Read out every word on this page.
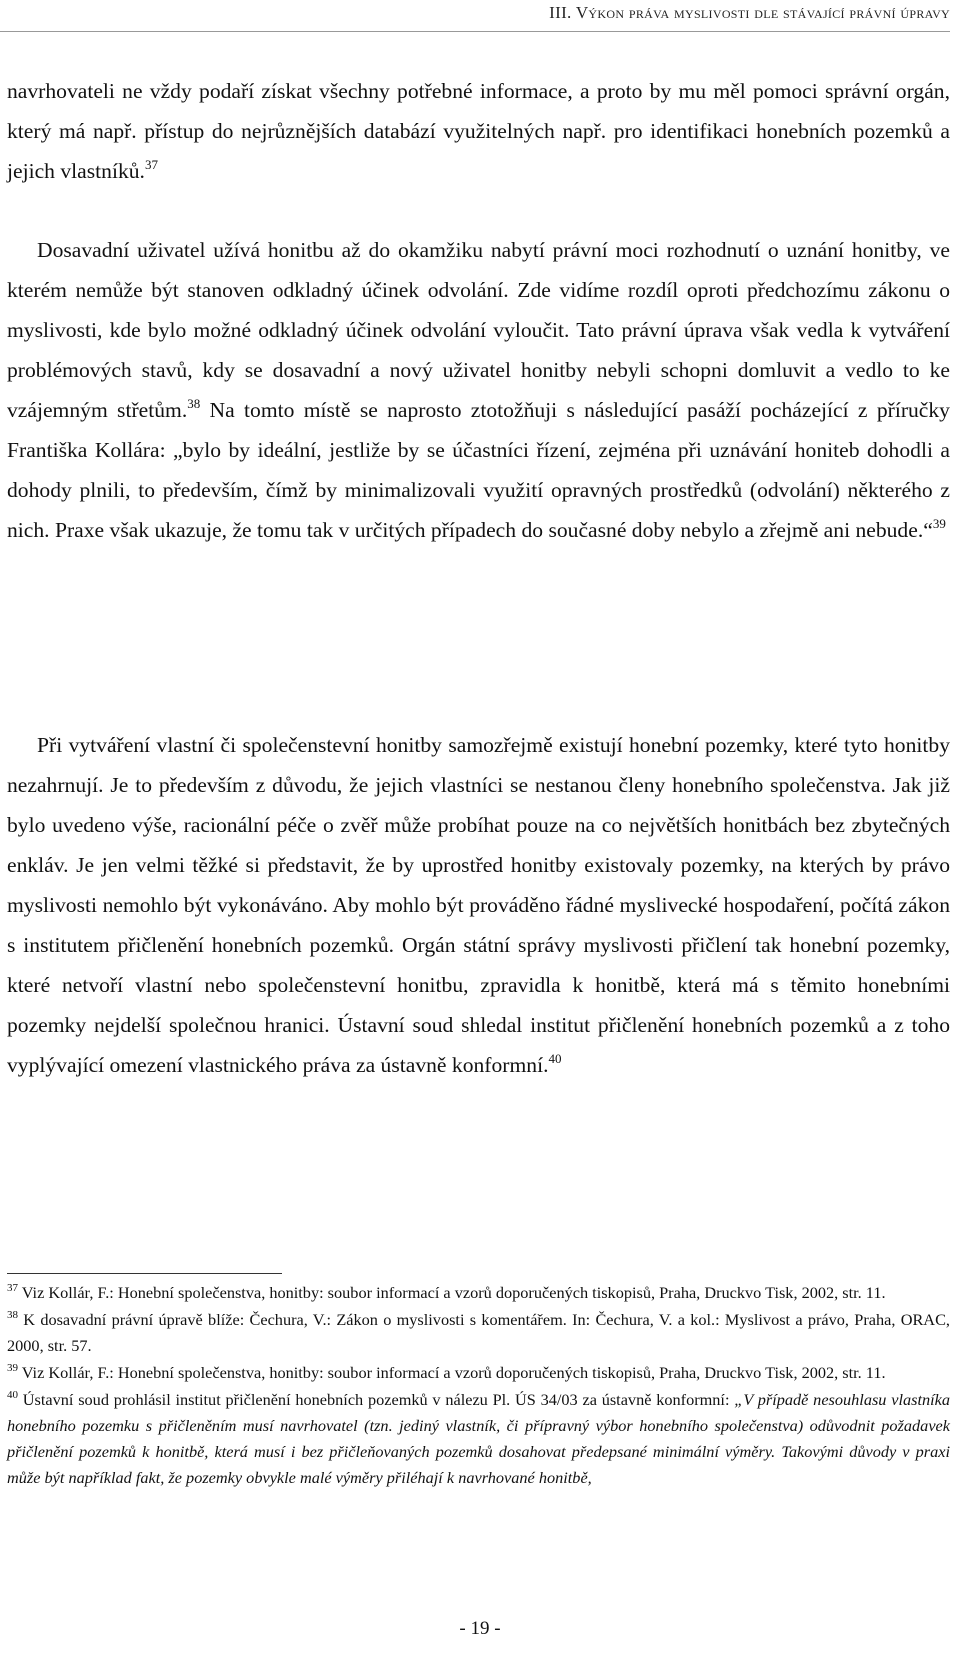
III. Výkon práva myslivosti dle stávající právní úpravy

navrhovateli ne vždy podaří získat všechny potřebné informace, a proto by mu měl pomoci správní orgán, který má např. přístup do nejrůznějších databází využitelných např. pro identifikaci honebních pozemků a jejich vlastníků.$^{37}$

Dosavadní uživatel užívá honitbu až do okamžiku nabytí právní moci rozhodnutí o uznání honitby, ve kterém nemůže být stanoven odkladný účinek odvolání. Zde vidíme rozdíl oproti předchozímu zákonu o myslivosti, kde bylo možné odkladný účinek odvolání vyloučit. Tato právní úprava však vedla k vytváření problémových stavů, kdy se dosavadní a nový uživatel honitby nebyli schopni domluvit a vedlo to ke vzájemným střetům.$^{38}$ Na tomto místě se naprosto ztotožňuji s následující pasáží pocházející z příručky Františka Kollára: „bylo by ideální, jestliže by se účastníci řízení, zejména při uznávání honiteb dohodli a dohody plnili, to především, čímž by minimalizovali využití opravných prostředků (odvolání) některého z nich. Praxe však ukazuje, že tomu tak v určitých případech do současné doby nebylo a zřejmě ani nebude.“$^{39}$

Při vytváření vlastní či společenstevní honitby samozřejmě existují honební pozemky, které tyto honitby nezahrnují. Je to především z důvodu, že jejich vlastníci se nestanou členy honebního společenstva. Jak již bylo uvedeno výše, racionální péče o zvěř může probíhat pouze na co největších honitbách bez zbytečných enkláv. Je jen velmi těžké si představit, že by uprostřed honitby existovaly pozemky, na kterých by právo myslivosti nemohlo být vykonáváno. Aby mohlo být prováděno řádné myslivecké hospodaření, počítá zákon s institutem přičlenění honebních pozemků. Orgán státní správy myslivosti přičlení tak honební pozemky, které netvoří vlastní nebo společenstevní honitbu, zpravidla k honitbě, která má s těmito honebními pozemky nejdelší společnou hranici. Ústavní soud shledal institut přičlenění honebních pozemků a z toho vyplývající omezení vlastnického práva za ústavně konformní.$^{40}$

$^{37}$ Viz Kollár, F.: Honební společenstva, honitby: soubor informací a vzorů doporučených tiskopisů, Praha, Druckvo Tisk, 2002, str. 11.

$^{38}$ K dosavadní právní úpravě blíže: Čechura, V.: Zákon o myslivosti s komentářem. In: Čechura, V. a kol.: Myslivost a právo, Praha, ORAC, 2000, str. 57.

$^{39}$ Viz Kollár, F.: Honební společenstva, honitby: soubor informací a vzorů doporučených tiskopisů, Praha, Druckvo Tisk, 2002, str. 11.

$^{40}$ Ústavní soud prohlásil institut přičlenění honebních pozemků v nálezu Pl. ÚS 34/03 za ústavně konformní: „V případě nesouhlasu vlastníka honebního pozemku s přičleněním musí navrhovatel (tzn. jediný vlastník, či přípravný výbor honebního společenstva) odůvodnit požadavek přičlenění pozemků k honitbě, která musí i bez přičleňovaných pozemků dosahovat předepsané minimální výměry. Takovými důvody v praxi může být například fakt, že pozemky obvykle malé výměry přiléhají k navrhované honitbě,

- 19 -
